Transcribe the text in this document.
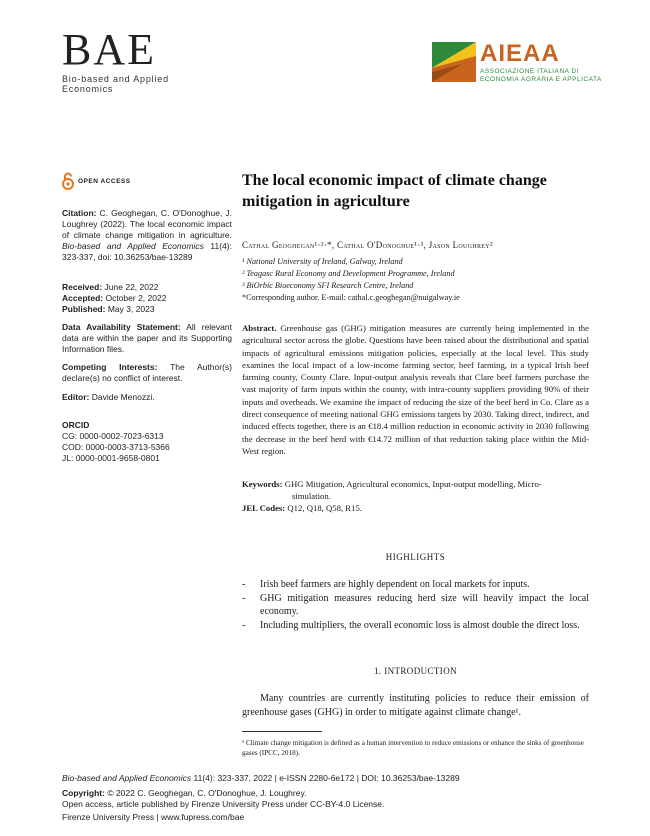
BAE
Bio-based and Applied Economics
AIEAA
ASSOCIAZIONE ITALIANA DI
ECONOMIA AGRARIA E APPLICATA
OPEN ACCESS
Citation: C. Geoghegan, C. O'Donoghue, J. Loughrey (2022). The local economic impact of climate change mitigation in agriculture. Bio-based and Applied Economics 11(4): 323-337, doi: 10.36253/bae-13289
Received: June 22, 2022
Accepted: October 2, 2022
Published: May 3, 2023
Data Availability Statement: All relevant data are within the paper and its Supporting Information files.
Competing Interests: The Author(s) declare(s) no conflict of interest.
Editor: Davide Menozzi.
ORCID
CG: 0000-0002-7023-6313
COD: 0000-0003-3713-5366
JL: 0000-0001-9658-0801
The local economic impact of climate change
mitigation in agriculture
Cathal Geoghegan¹·²·*, Cathal O'Donoghue¹·³, Jason Loughrey²
¹ National University of Ireland, Galway, Ireland
² Teagasc Rural Economy and Development Programme, Ireland
³ BiOrbic Bioeconomy SFI Research Centre, Ireland
*Corresponding author. E-mail: cathal.c.geoghegan@nuigalway.ie
Abstract. Greenhouse gas (GHG) mitigation measures are currently being implemented in the agricultural sector across the globe. Questions have been raised about the distributional and spatial impacts of agricultural emissions mitigation policies, especially at the local level. This study examines the local impact of a low-income farming sector, beef farming, in a typical Irish beef farming county, County Clare. Input-output analysis reveals that Clare beef farmers purchase the vast majority of farm inputs within the county, with intra-county suppliers providing 90% of their inputs and overheads. We examine the impact of reducing the size of the beef herd in Co. Clare as a direct consequence of meeting national GHG emissions targets by 2030. Taking direct, indirect, and induced effects together, there is an €18.4 million reduction in economic activity in 2030 following the decrease in the beef herd with €14.72 million of that reduction taking place within the Mid-West region.
Keywords: GHG Mitigation, Agricultural economics, Input-output modelling, Micro-
simulation.
JEL Codes: Q12, Q18, Q58, R15.
HIGHLIGHTS
- Irish beef farmers are highly dependent on local markets for inputs.
- GHG mitigation measures reducing herd size will heavily impact the local economy.
- Including multipliers, the overall economic loss is almost double the direct loss.
1. INTRODUCTION
Many countries are currently instituting policies to reduce their emission of greenhouse gases (GHG) in order to mitigate against climate change¹.
¹ Climate change mitigation is defined as a human intervention to reduce emissions or enhance the sinks of greenhouse gases (IPCC, 2018).
Bio-based and Applied Economics 11(4): 323-337, 2022 | e-ISSN 2280-6e172 | DOI: 10.36253/bae-13289
Copyright: © 2022 C. Geoghegan, C. O'Donoghue, J. Loughrey.
Open access, article published by Firenze University Press under CC-BY-4.0 License.
Firenze University Press | www.fupress.com/bae
